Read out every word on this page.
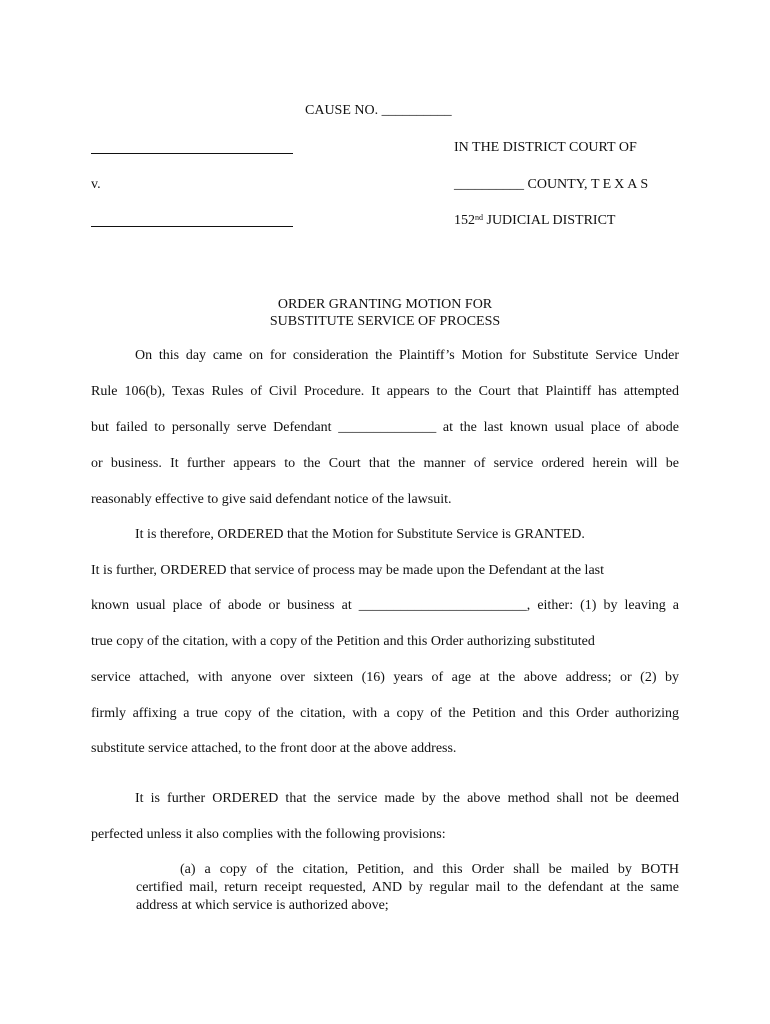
CAUSE NO. __________
IN THE DISTRICT COURT OF
v.	__________ COUNTY, TEXAS
152nd JUDICIAL DISTRICT
ORDER GRANTING MOTION FOR
SUBSTITUTE SERVICE OF PROCESS
On this day came on for consideration the Plaintiff’s Motion for Substitute Service Under
Rule 106(b), Texas Rules of Civil Procedure. It appears to the Court that Plaintiff has attempted
but failed to personally serve Defendant ______________ at the last known usual place of abode
or business. It further appears to the Court that the manner of service ordered herein will be
reasonably effective to give said defendant notice of the lawsuit.
It is therefore, ORDERED that the Motion for Substitute Service is GRANTED.
It is further, ORDERED that service of process may be made upon the Defendant at the last
known usual place of abode or business at ________________________, either: (1) by leaving a
true copy of the citation, with a copy of the Petition and this Order authorizing substituted
service attached, with anyone over sixteen (16) years of age at the above address; or (2) by
firmly affixing a true copy of the citation, with a copy of the Petition and this Order authorizing
substitute service attached, to the front door at the above address.
It is further ORDERED that the service made by the above method shall not be deemed
perfected unless it also complies with the following provisions:
(a) a copy of the citation, Petition, and this Order shall be mailed by BOTH
certified mail, return receipt requested, AND by regular mail to the defendant at the same
address at which service is authorized above;
